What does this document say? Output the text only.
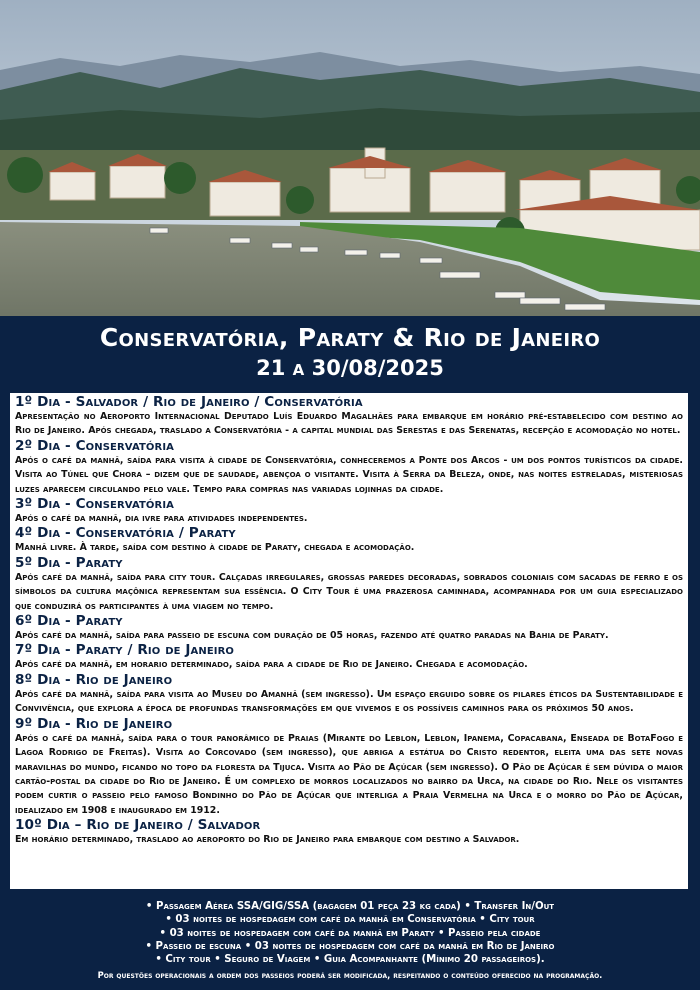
Conservatória, Paraty & Rio de Janeiro

21 a 30/08/2025

1º Dia - Salvador / Rio de Janeiro / Conservatória

Apresentação no Aeroporto Internacional Deputado Luís Eduardo Magalhães para embarque em horário pré-estabelecido com destino ao Rio de Janeiro. Após chegada, traslado a Conservatória - a capital mundial das Serestas e das Serenatas, recepção e acomodação no hotel.

2º Dia - Conservatória

Após o café da manhã, saída para visita à cidade de Conservatória, conheceremos a Ponte dos Arcos - um dos pontos turísticos da cidade. Visita ao Túnel que Chora – dizem que de saudade, abençoa o visitante. Visita à Serra da Beleza, onde, nas noites estreladas, misteriosas luzes aparecem circulando pelo vale. Tempo para compras nas variadas lojinhas da cidade.

3º Dia - Conservatória

Após o café da manhã, dia ivre para atividades independentes.

4º Dia - Conservatória / Paraty

Manhã livre. À tarde, saída com destino à cidade de Paraty, chegada e acomodação.

5º Dia - Paraty

Após café da manhã, saída para city tour. Calçadas irregulares, grossas paredes decoradas, sobrados coloniais com sacadas de ferro e os símbolos da cultura maçônica representam sua essência. O City Tour é uma prazerosa caminhada, acompanhada por um guia especializado que conduzirá os participantes à uma viagem no tempo.

6º Dia - Paraty

Após café da manhã, saída para passeio de escuna com duração de 05 horas, fazendo até quatro paradas na Bahia de Paraty.

7º Dia - Paraty / Rio de Janeiro

Após café da manhã, em horario determinado, saída para a cidade de Rio de Janeiro. Chegada e acomodação.

8º Dia - Rio de Janeiro

Após café da manhã, saída para visita ao Museu do Amanhã (sem ingresso). Um espaço erguido sobre os pilares éticos da Sustentabilidade e Convivência, que explora a época de profundas transformações em que vivemos e os possíveis caminhos para os próximos 50 anos.

9º Dia - Rio de Janeiro

Após o café da manhã, saída para o tour panorâmico de Praias (Mirante do Leblon, Leblon, Ipanema, Copacabana, Enseada de BotaFogo e Lagoa Rodrigo de Freitas). Visita ao Corcovado (sem ingresso), que abriga a estátua do Cristo redentor, eleita uma das sete novas maravilhas do mundo, ficando no topo da floresta da Tijuca. Visita ao Pão de Açúcar (sem ingresso). O Pão de Açúcar é sem dúvida o maior cartão-postal da cidade do Rio de Janeiro. É um complexo de morros localizados no bairro da Urca, na cidade do Rio. Nele os visitantes podem curtir o passeio pelo famoso Bondinho do Pão de Açúcar que interliga a Praia Vermelha na Urca e o morro do Pão de Açúcar, idealizado em 1908 e inaugurado em 1912.

10º Dia – Rio de Janeiro / Salvador

Em horário determinado, traslado ao aeroporto do Rio de Janeiro para embarque com destino a Salvador.

• Passagem Aérea SSA/GIG/SSA (bagagem 01 peça 23 kg cada) • Transfer In/Out

• 03 noites de hospedagem com café da manhã em Conservatória • City tour

• 03 noites de hospedagem com café da manhã em Paraty • Passeio pela cidade

• Passeio de escuna • 03 noites de hospedagem com café da manhã em Rio de Janeiro

• City tour • Seguro de Viagem • Guia Acompanhante (Mínimo 20 passageiros).

Por questões operacionais a ordem dos passeios poderá ser modificada, respeitando o conteúdo oferecido na programação.
